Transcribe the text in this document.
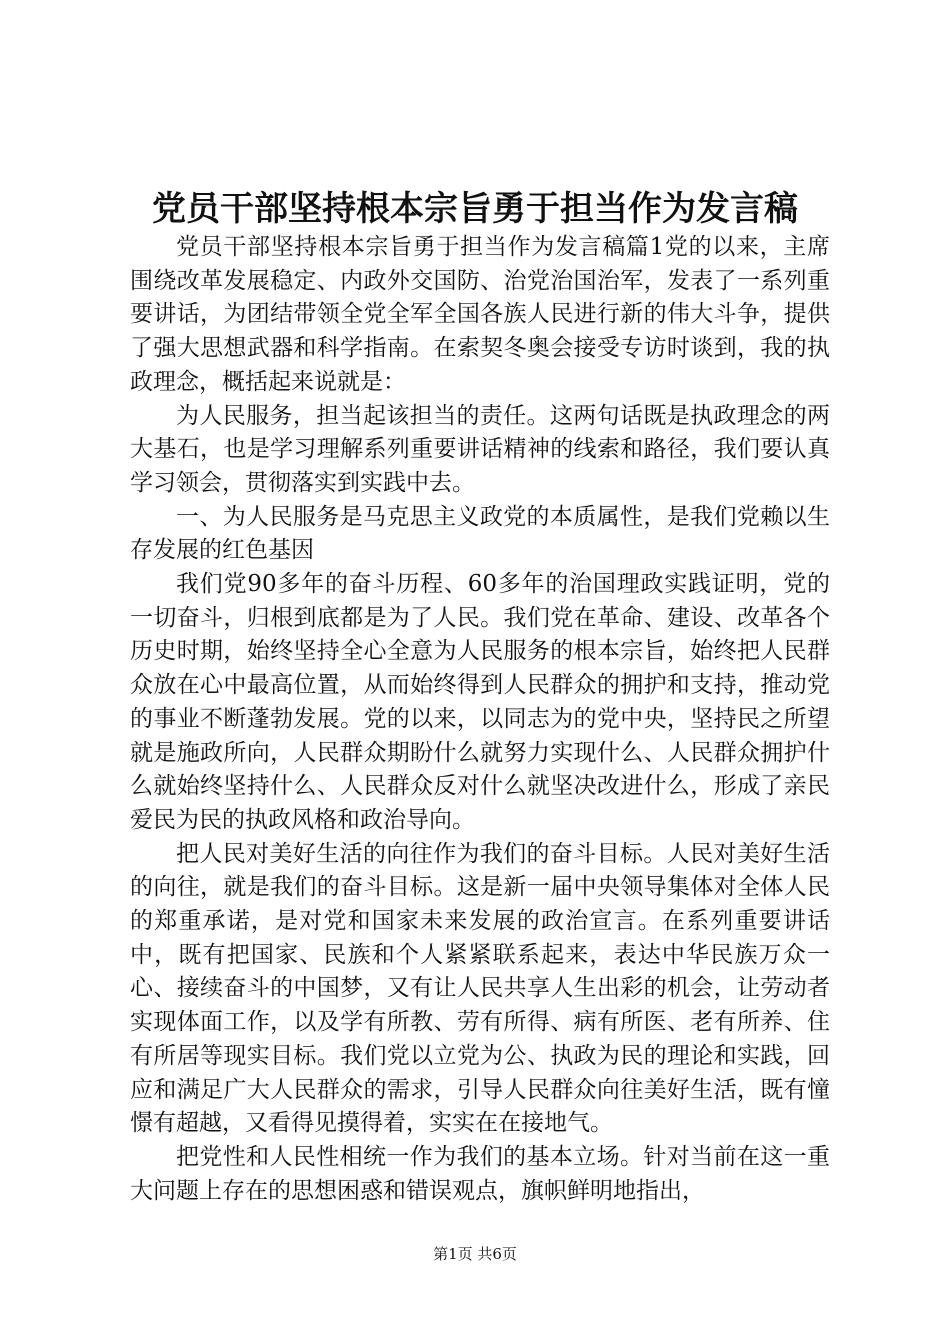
党员干部坚持根本宗旨勇于担当作为发言稿

党员干部坚持根本宗旨勇于担当作为发言稿篇1党的以来，主席围绕改革发展稳定、内政外交国防、治党治国治军，发表了一系列重要讲话，为团结带领全党全军全国各族人民进行新的伟大斗争，提供了强大思想武器和科学指南。在索契冬奥会接受专访时谈到，我的执政理念，概括起来说就是：

为人民服务，担当起该担当的责任。这两句话既是执政理念的两大基石，也是学习理解系列重要讲话精神的线索和路径，我们要认真学习领会，贯彻落实到实践中去。

一、为人民服务是马克思主义政党的本质属性，是我们党赖以生存发展的红色基因

我们党90多年的奋斗历程、60多年的治国理政实践证明，党的一切奋斗，归根到底都是为了人民。我们党在革命、建设、改革各个历史时期，始终坚持全心全意为人民服务的根本宗旨，始终把人民群众放在心中最高位置，从而始终得到人民群众的拥护和支持，推动党的事业不断蓬勃发展。党的以来，以同志为的党中央，坚持民之所望就是施政所向，人民群众期盼什么就努力实现什么、人民群众拥护什么就始终坚持什么、人民群众反对什么就坚决改进什么，形成了亲民爱民为民的执政风格和政治导向。

把人民对美好生活的向往作为我们的奋斗目标。人民对美好生活的向往，就是我们的奋斗目标。这是新一届中央领导集体对全体人民的郑重承诺，是对党和国家未来发展的政治宣言。在系列重要讲话中，既有把国家、民族和个人紧紧联系起来，表达中华民族万众一心、接续奋斗的中国梦，又有让人民共享人生出彩的机会，让劳动者实现体面工作，以及学有所教、劳有所得、病有所医、老有所养、住有所居等现实目标。我们党以立党为公、执政为民的理论和实践，回应和满足广大人民群众的需求，引导人民群众向往美好生活，既有憧憬有超越，又看得见摸得着，实实在在接地气。

把党性和人民性相统一作为我们的基本立场。针对当前在这一重大问题上存在的思想困惑和错误观点，旗帜鲜明地指出，

第1页 共6页
